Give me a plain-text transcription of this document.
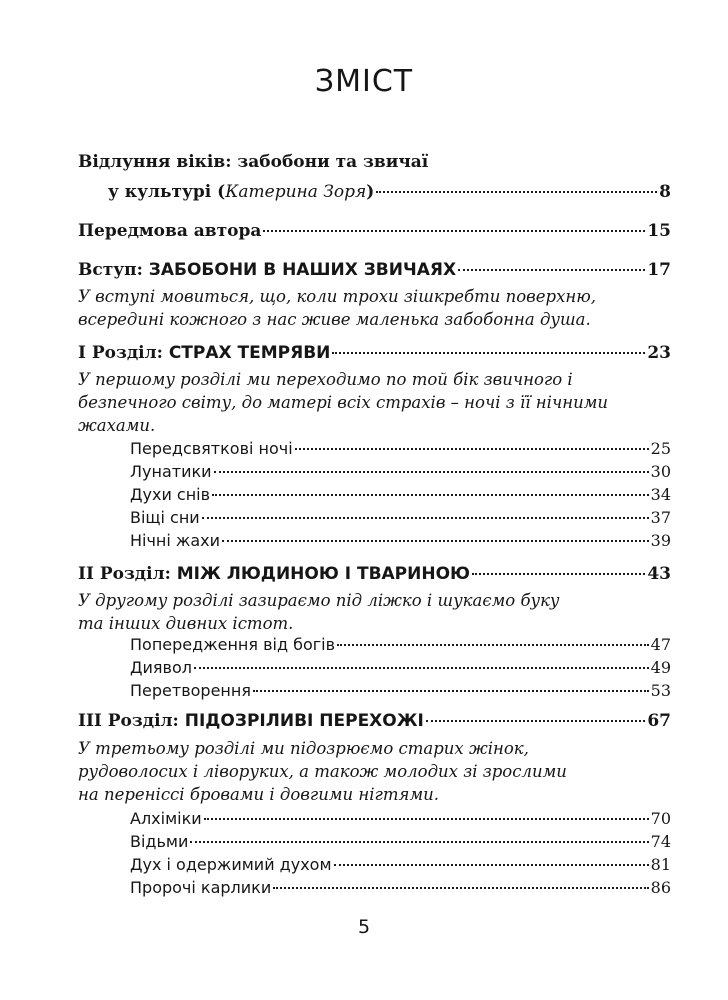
ЗМІСТ
Відлуння віків: забобони та звичаї
у культурі (Катерина Зоря)	8
Передмова автора	15
Вступ: ЗАБОБОНИ В НАШИХ ЗВИЧАЯХ	17
У вступі мовиться, що, коли трохи зішкребти поверхню,
всередині кожного з нас живе маленька забобонна душа.
I Розділ: СТРАХ ТЕМРЯВИ	23
У першому розділі ми переходимо по той бік звичного і
безпечного світу, до матері всіх страхів – ночі з її нічними
жахами.
Передсвяткові ночі	25
Лунатики	30
Духи снів	34
Віщі сни	37
Нічні жахи	39
II Розділ: МІЖ ЛЮДИНОЮ І ТВАРИНОЮ	43
У другому розділі зазираємо під ліжко і шукаємо буку
та інших дивних істот.
Попередження від богів	47
Диявол	49
Перетворення	53
III Розділ: ПІДОЗРІЛИВІ ПЕРЕХОЖІ	67
У третьому розділі ми підозрюємо старих жінок,
рудоволосих і ліворуких, а також молодих зі зрослими
на переніссі бровами і довгими нігтями.
Алхіміки	70
Відьми	74
Дух і одержимий духом	81
Пророчі карлики	86
5
